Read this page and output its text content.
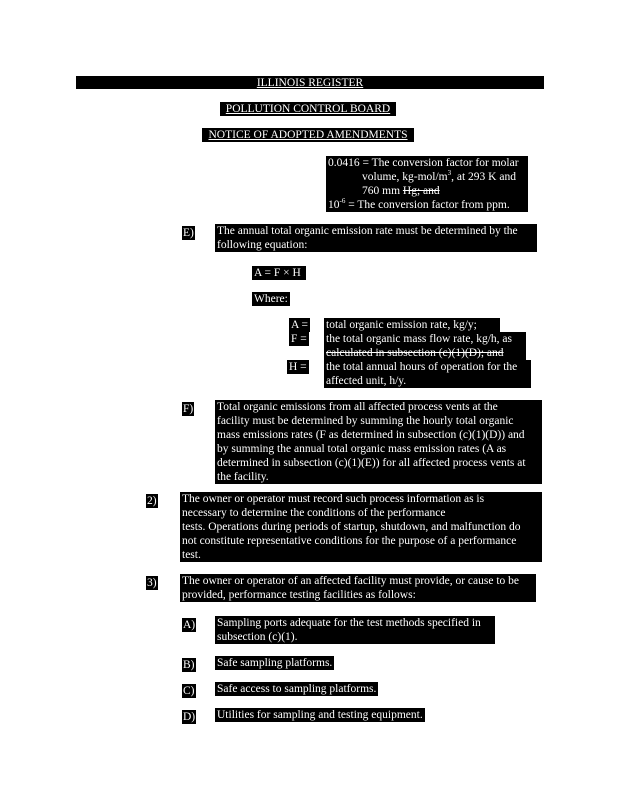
ILLINOIS REGISTER
POLLUTION CONTROL BOARD
NOTICE OF ADOPTED AMENDMENTS
0.0416 = The conversion factor for molar
volume, $kg-mol/m^3$, at 293 K and
760 mm Hg; and
$10^{-6}$ = The conversion factor from ppm.
E) The annual total organic emission rate must be determined by the
following equation:
A = F × H
Where:
A = total organic emission rate, kg/y;
F = the total organic mass flow rate, kg/h, as
calculated in subsection (c)(1)(D); and
H = the total annual hours of operation for the
affected unit, h/y.
F) Total organic emissions from all affected process vents at the
facility must be determined by summing the hourly total organic
mass emissions rates (F as determined in subsection (c)(1)(D)) and
by summing the annual total organic mass emission rates (A as
determined in subsection (c)(1)(E)) for all affected process vents at
the facility.
2) The owner or operator must record such process information as is
necessary to determine the conditions of the performance
tests. Operations during periods of startup, shutdown, and malfunction do
not constitute representative conditions for the purpose of a performance
test.
3) The owner or operator of an affected facility must provide, or cause to be
provided, performance testing facilities as follows:
A) Sampling ports adequate for the test methods specified in
subsection (c)(1).
B) Safe sampling platforms.
C) Safe access to sampling platforms.
D) Utilities for sampling and testing equipment.
